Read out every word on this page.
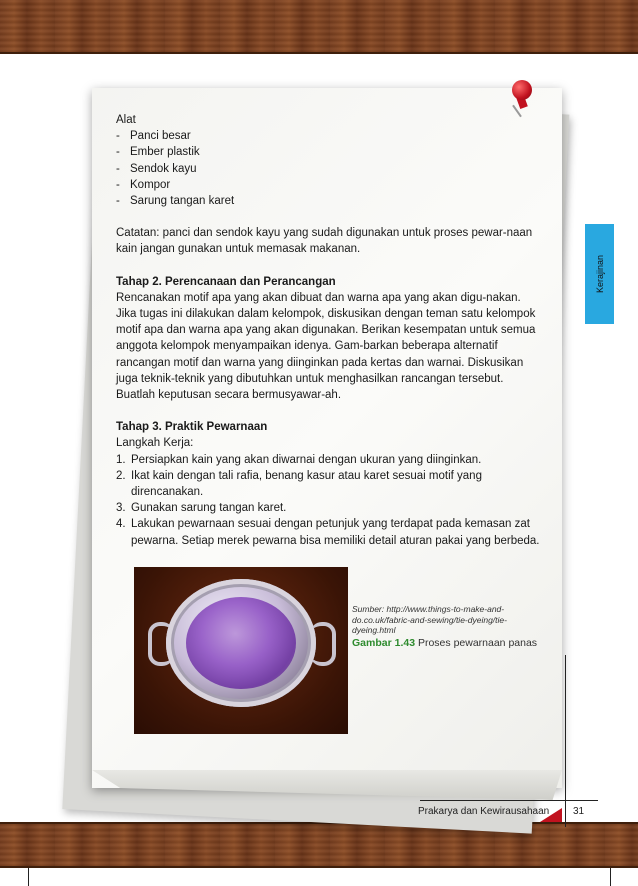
Alat

- Panci besar
- Ember plastik
- Sendok kayu
- Kompor
- Sarung tangan karet

Catatan: panci dan sendok kayu yang sudah digunakan untuk proses pewar-naan kain jangan gunakan untuk memasak makanan.

Tahap 2. Perencanaan dan Perancangan

Rencanakan motif apa yang akan dibuat dan warna apa yang akan digu-nakan. Jika tugas ini dilakukan dalam kelompok, diskusikan dengan teman satu kelompok motif apa dan warna apa yang akan digunakan. Berikan kesempatan untuk semua anggota kelompok menyampaikan idenya. Gam-barkan beberapa alternatif rancangan motif dan warna yang diinginkan pada kertas dan warnai. Diskusikan juga teknik-teknik yang dibutuhkan untuk menghasilkan rancangan tersebut. Buatlah keputusan secara bermusyawar-ah.

Tahap 3. Praktik Pewarnaan

Langkah Kerja:

1. Persiapkan kain yang akan diwarnai dengan ukuran yang diinginkan.
2. Ikat kain dengan tali rafia, benang kasur atau karet sesuai motif yang direncanakan.
3. Gunakan sarung tangan karet.
4. Lakukan pewarnaan sesuai dengan petunjuk yang terdapat pada kemasan zat pewarna. Setiap merek pewarna bisa memiliki detail aturan pakai yang berbeda.
Sumber: http://www.things-to-make-and-do.co.uk/fabric-and-sewing/tie-dyeing/tie-dyeing.html
Gambar 1.43 Proses pewarnaan panas
Kerajinan
Prakarya dan Kewirausahaan 31
